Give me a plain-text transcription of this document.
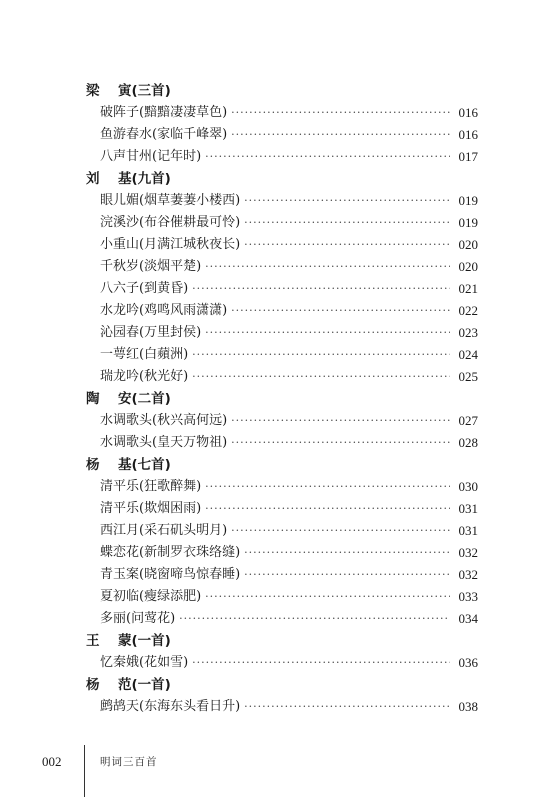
梁	寅 (三首)
破阵子(黯黯凄凄草色) ·····	016
鱼游春水(家临千峰翠) ·····	016
八声甘州(记年时) ·····	017
刘	基 (九首)
眼儿媚(烟草萋萋小楼西) ·····	019
浣溪沙(布谷催耕最可怜) ·····	019
小重山(月满江城秋夜长) ·····	020
千秋岁(淡烟平楚) ·····	020
八六子(到黄昏) ·····	021
水龙吟(鸡鸣风雨潇潇) ·····	022
沁园春(万里封侯) ·····	023
一萼红(白蘋洲) ·····	024
瑞龙吟(秋光好) ·····	025
陶	安 (二首)
水调歌头(秋兴高何远) ·····	027
水调歌头(皇天万物祖) ·····	028
杨	基 (七首)
清平乐(狂歌醉舞) ·····	030
清平乐(欺烟困雨) ·····	031
西江月(采石矶头明月) ·····	031
蝶恋花(新制罗衣珠络缝) ·····	032
青玉案(晓窗啼鸟惊春睡) ·····	032
夏初临(瘦绿添肥) ·····	033
多丽(问莺花) ·····	034
王	蒙 (一首)
忆秦娥(花如雪) ·····	036
杨	范 (一首)
鹧鸪天(东海东头看日升) ·····	038
002	明词三百首
